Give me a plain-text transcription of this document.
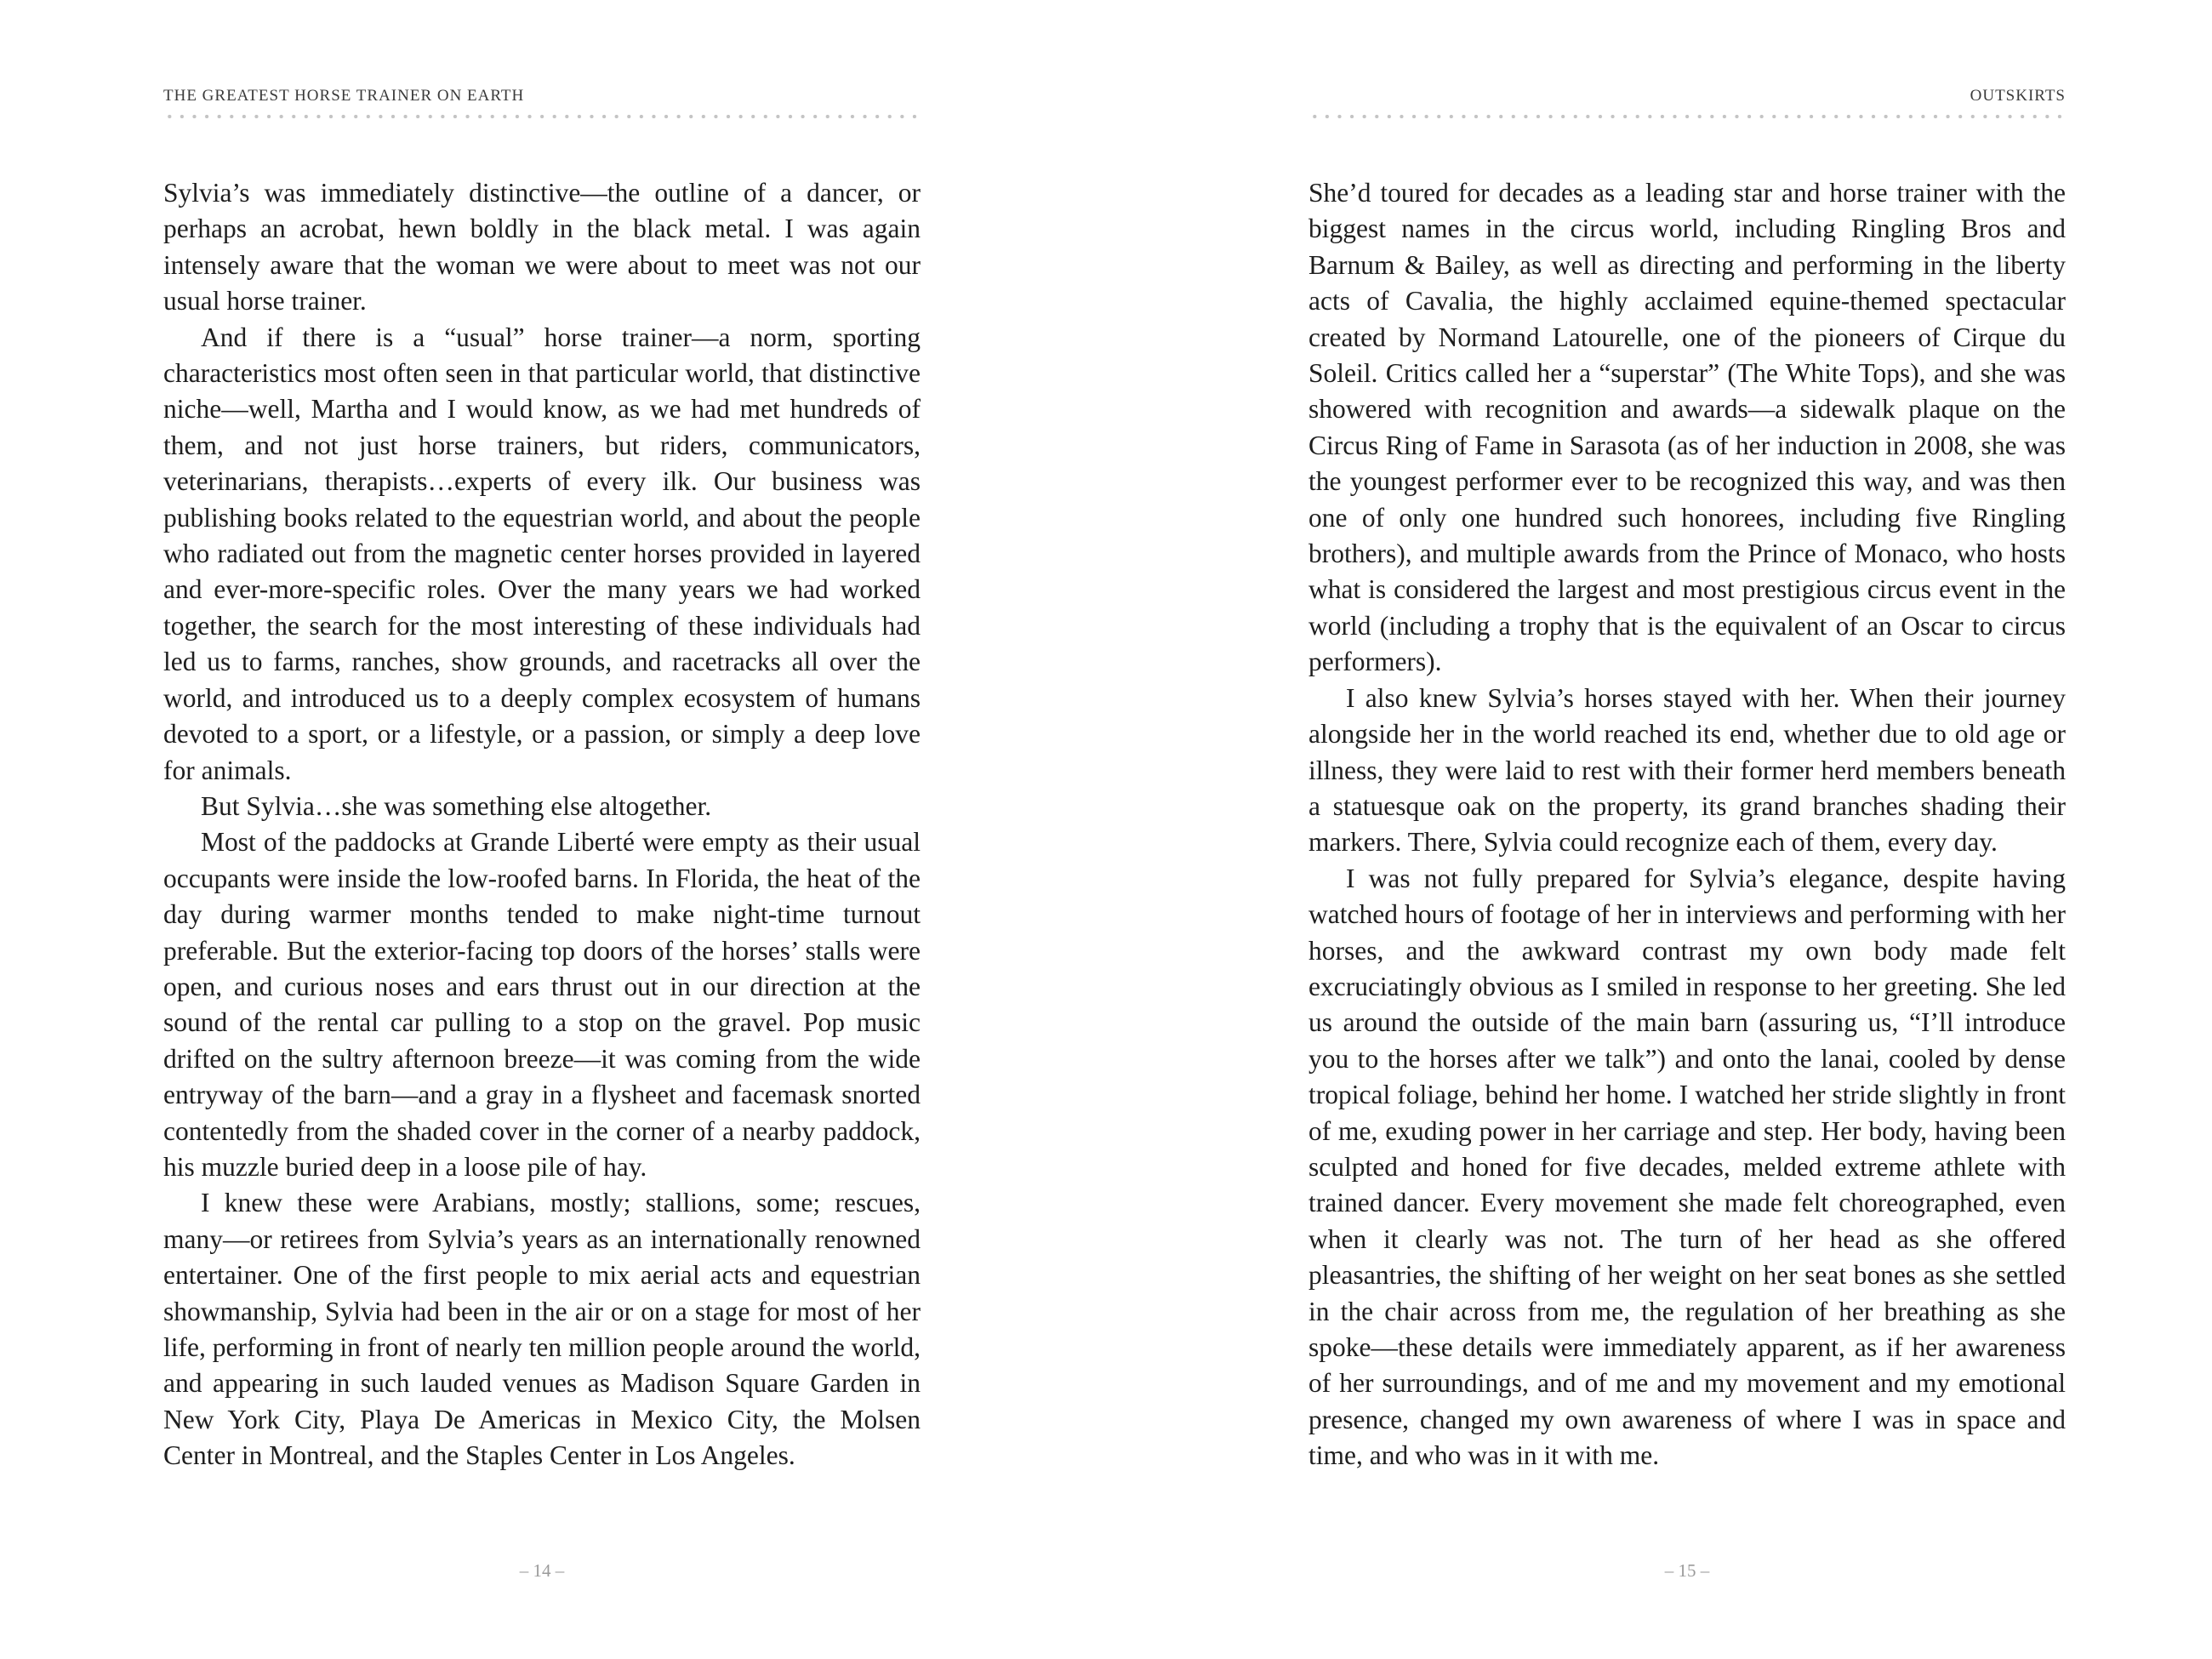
THE GREATEST HORSE TRAINER ON EARTH

Sylvia’s was immediately distinctive—the outline of a dancer, or perhaps an acrobat, hewn boldly in the black metal. I was again intensely aware that the woman we were about to meet was not our usual horse trainer.

And if there is a “usual” horse trainer—a norm, sporting characteristics most often seen in that particular world, that distinctive niche—well, Martha and I would know, as we had met hundreds of them, and not just horse trainers, but riders, communicators, veterinarians, therapists…experts of every ilk. Our business was publishing books related to the equestrian world, and about the people who radiated out from the magnetic center horses provided in layered and ever-more-specific roles. Over the many years we had worked together, the search for the most interesting of these individuals had led us to farms, ranches, show grounds, and racetracks all over the world, and introduced us to a deeply complex ecosystem of humans devoted to a sport, or a lifestyle, or a passion, or simply a deep love for animals.

But Sylvia…she was something else altogether.

Most of the paddocks at Grande Liberté were empty as their usual occupants were inside the low-roofed barns. In Florida, the heat of the day during warmer months tended to make night-time turnout preferable. But the exterior-facing top doors of the horses’ stalls were open, and curious noses and ears thrust out in our direction at the sound of the rental car pulling to a stop on the gravel. Pop music drifted on the sultry afternoon breeze—it was coming from the wide entryway of the barn—and a gray in a flysheet and facemask snorted contentedly from the shaded cover in the corner of a nearby paddock, his muzzle buried deep in a loose pile of hay.

I knew these were Arabians, mostly; stallions, some; rescues, many—or retirees from Sylvia’s years as an internationally renowned entertainer. One of the first people to mix aerial acts and equestrian showmanship, Sylvia had been in the air or on a stage for most of her life, performing in front of nearly ten million people around the world, and appearing in such lauded venues as Madison Square Garden in New York City, Playa De Americas in Mexico City, the Molsen Center in Montreal, and the Staples Center in Los Angeles.

– 14 –
OUTSKIRTS

She’d toured for decades as a leading star and horse trainer with the biggest names in the circus world, including Ringling Bros and Barnum & Bailey, as well as directing and performing in the liberty acts of Cavalia, the highly acclaimed equine-themed spectacular created by Normand Latourelle, one of the pioneers of Cirque du Soleil. Critics called her a “superstar” (The White Tops), and she was showered with recognition and awards—a sidewalk plaque on the Circus Ring of Fame in Sarasota (as of her induction in 2008, she was the youngest performer ever to be recognized this way, and was then one of only one hundred such honorees, including five Ringling brothers), and multiple awards from the Prince of Monaco, who hosts what is considered the largest and most prestigious circus event in the world (including a trophy that is the equivalent of an Oscar to circus performers).

I also knew Sylvia’s horses stayed with her. When their journey alongside her in the world reached its end, whether due to old age or illness, they were laid to rest with their former herd members beneath a statuesque oak on the property, its grand branches shading their markers. There, Sylvia could recognize each of them, every day.

I was not fully prepared for Sylvia’s elegance, despite having watched hours of footage of her in interviews and performing with her horses, and the awkward contrast my own body made felt excruciatingly obvious as I smiled in response to her greeting. She led us around the outside of the main barn (assuring us, “I’ll introduce you to the horses after we talk”) and onto the lanai, cooled by dense tropical foliage, behind her home. I watched her stride slightly in front of me, exuding power in her carriage and step. Her body, having been sculpted and honed for five decades, melded extreme athlete with trained dancer. Every movement she made felt choreographed, even when it clearly was not. The turn of her head as she offered pleasantries, the shifting of her weight on her seat bones as she settled in the chair across from me, the regulation of her breathing as she spoke—these details were immediately apparent, as if her awareness of her surroundings, and of me and my movement and my emotional presence, changed my own awareness of where I was in space and time, and who was in it with me.

– 15 –
